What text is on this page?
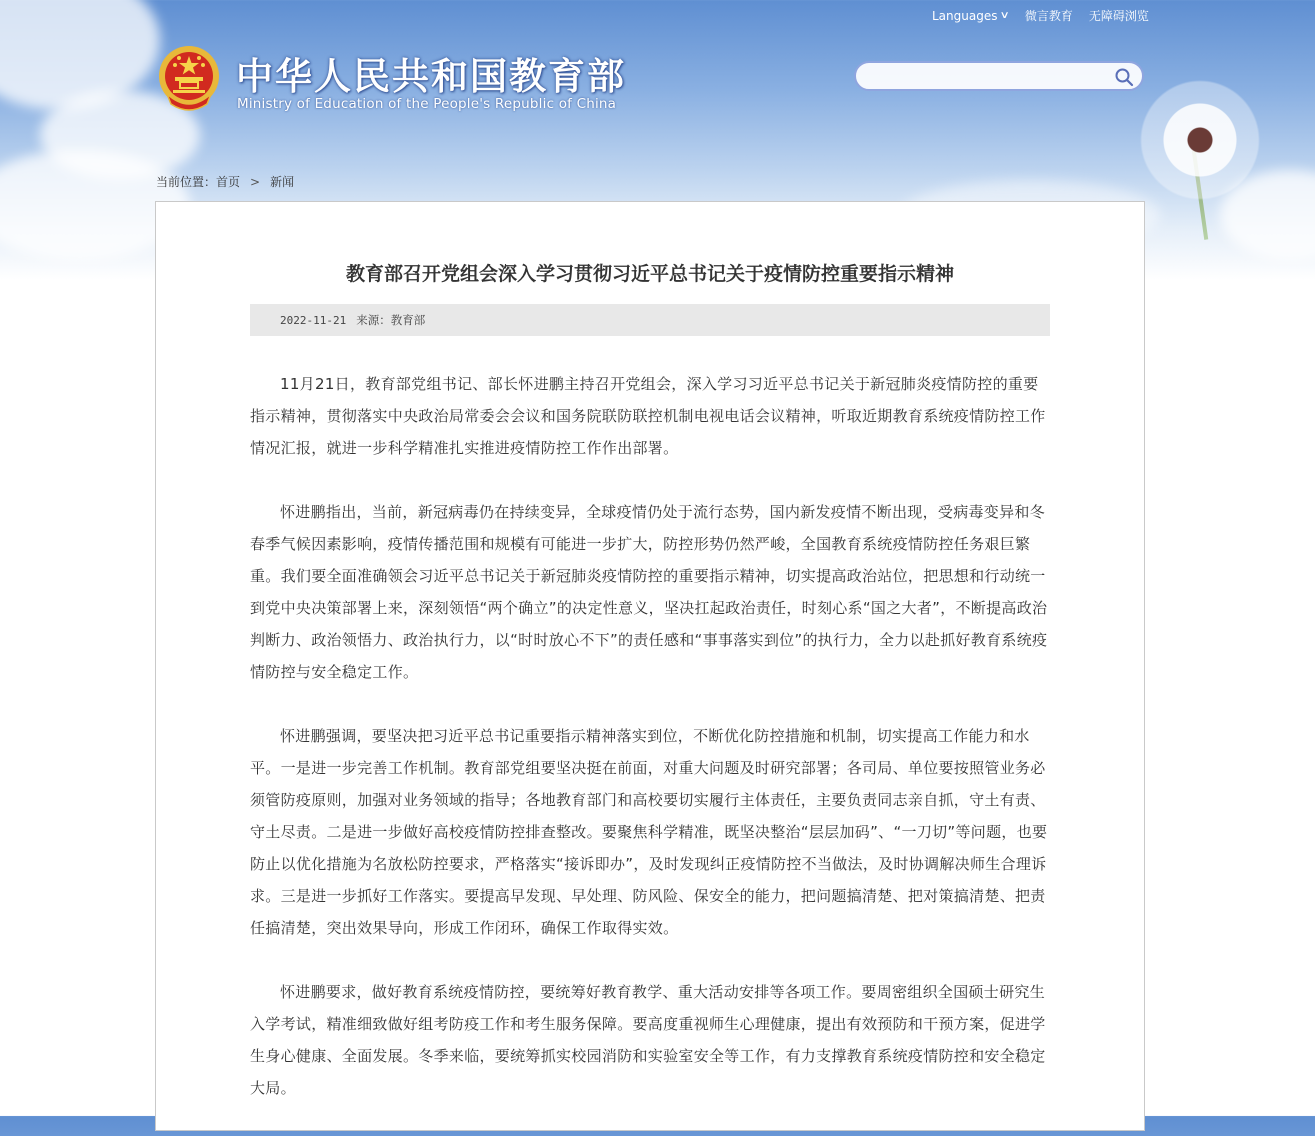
Languages ∨ 微言教育 无障碍浏览
中华人民共和国教育部
Ministry of Education of the People's Republic of China
当前位置：首页 > 新闻
教育部召开党组会深入学习贯彻习近平总书记关于疫情防控重要指示精神
2022-11-21 来源：教育部

11月21日，教育部党组书记、部长怀进鹏主持召开党组会，深入学习习近平总书记关于新冠肺炎疫情防控的重要指示精神，贯彻落实中央政治局常委会会议和国务院联防联控机制电视电话会议精神，听取近期教育系统疫情防控工作情况汇报，就进一步科学精准扎实推进疫情防控工作作出部署。

怀进鹏指出，当前，新冠病毒仍在持续变异，全球疫情仍处于流行态势，国内新发疫情不断出现，受病毒变异和冬春季气候因素影响，疫情传播范围和规模有可能进一步扩大，防控形势仍然严峻，全国教育系统疫情防控任务艰巨繁重。我们要全面准确领会习近平总书记关于新冠肺炎疫情防控的重要指示精神，切实提高政治站位，把思想和行动统一到党中央决策部署上来，深刻领悟“两个确立”的决定性意义，坚决扛起政治责任，时刻心系“国之大者”，不断提高政治判断力、政治领悟力、政治执行力，以“时时放心不下”的责任感和“事事落实到位”的执行力，全力以赴抓好教育系统疫情防控与安全稳定工作。

怀进鹏强调，要坚决把习近平总书记重要指示精神落实到位，不断优化防控措施和机制，切实提高工作能力和水平。一是进一步完善工作机制。教育部党组要坚决挺在前面，对重大问题及时研究部署；各司局、单位要按照管业务必须管防疫原则，加强对业务领域的指导；各地教育部门和高校要切实履行主体责任，主要负责同志亲自抓，守土有责、守土尽责。二是进一步做好高校疫情防控排查整改。要聚焦科学精准，既坚决整治“层层加码”、“一刀切”等问题，也要防止以优化措施为名放松防控要求，严格落实“接诉即办”，及时发现纠正疫情防控不当做法，及时协调解决师生合理诉求。三是进一步抓好工作落实。要提高早发现、早处理、防风险、保安全的能力，把问题搞清楚、把对策搞清楚、把责任搞清楚，突出效果导向，形成工作闭环，确保工作取得实效。

怀进鹏要求，做好教育系统疫情防控，要统筹好教育教学、重大活动安排等各项工作。要周密组织全国硕士研究生入学考试，精准细致做好组考防疫工作和考生服务保障。要高度重视师生心理健康，提出有效预防和干预方案，促进学生身心健康、全面发展。冬季来临，要统筹抓实校园消防和实验室安全等工作，有力支撑教育系统疫情防控和安全稳定大局。
